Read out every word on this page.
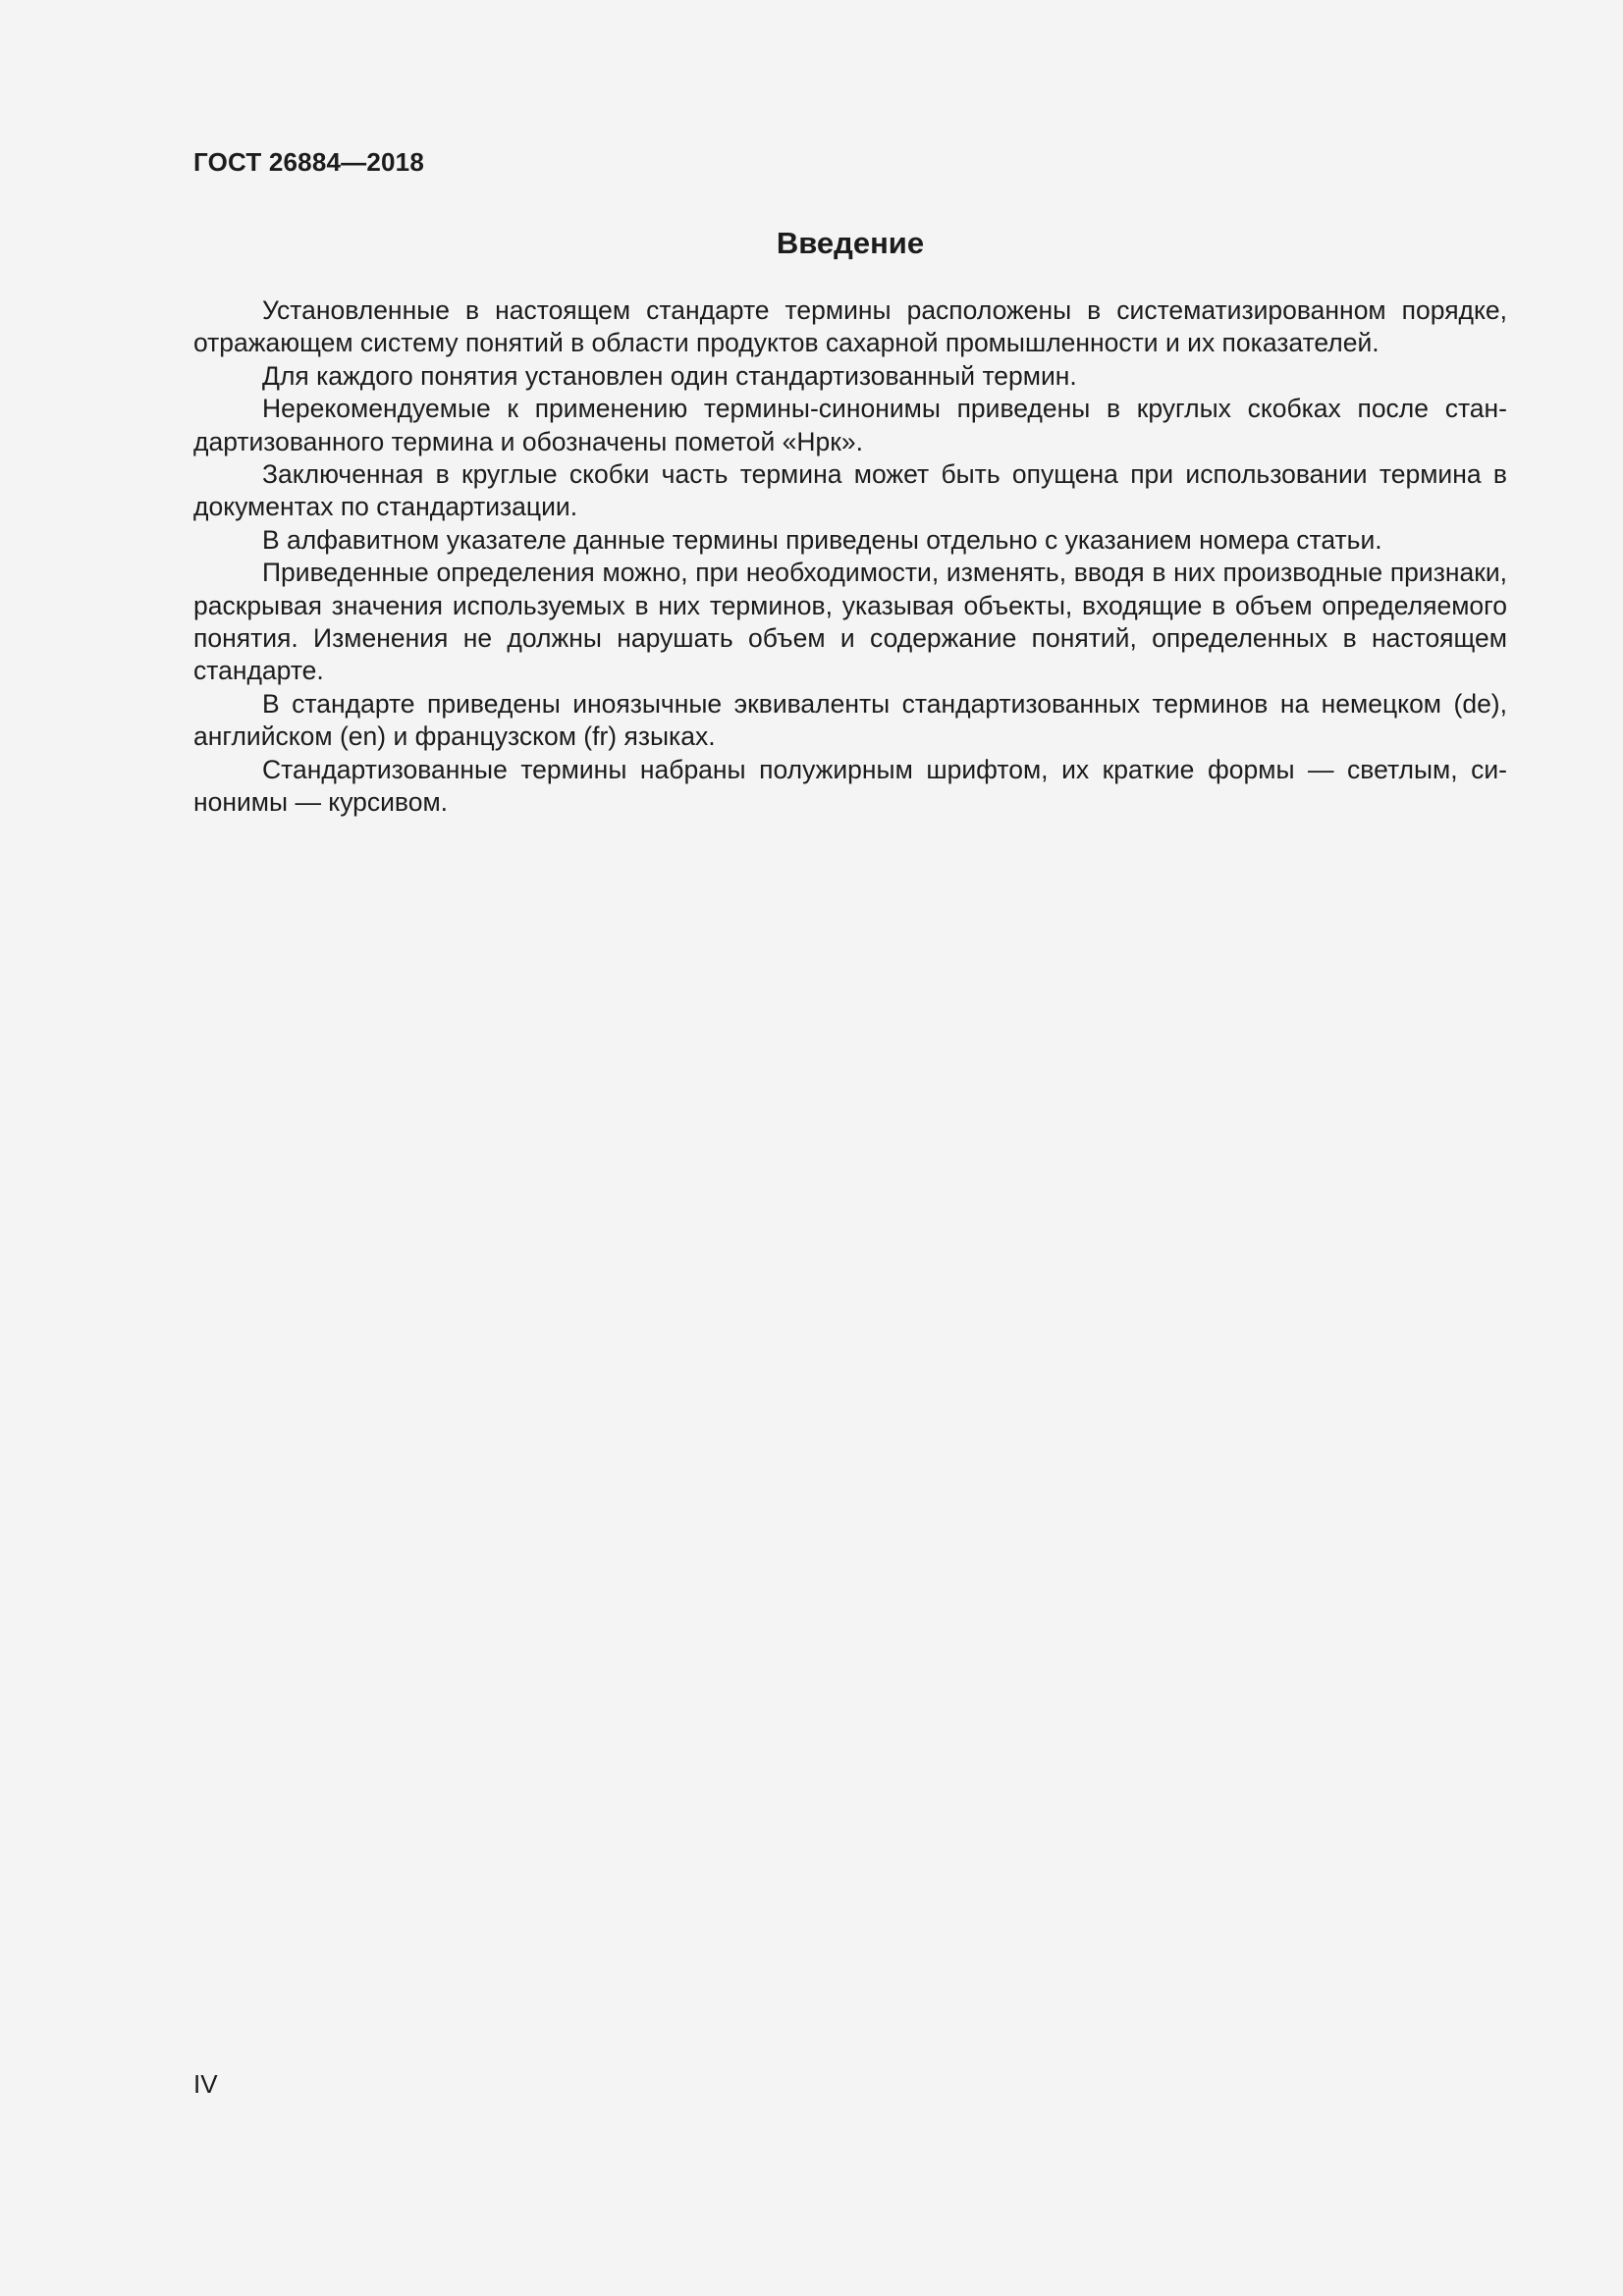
ГОСТ 26884—2018
Введение

Установленные в настоящем стандарте термины расположены в систематизированном порядке, отражающем систему понятий в области продуктов сахарной промышленности и их показателей.

Для каждого понятия установлен один стандартизованный термин.

Нерекомендуемые к применению термины-синонимы приведены в круглых скобках после стандартизованного термина и обозначены пометой «Нрк».

Заключенная в круглые скобки часть термина может быть опущена при использовании термина в документах по стандартизации.

В алфавитном указателе данные термины приведены отдельно с указанием номера статьи.

Приведенные определения можно, при необходимости, изменять, вводя в них производные признаки, раскрывая значения используемых в них терминов, указывая объекты, входящие в объем определяемого понятия. Изменения не должны нарушать объем и содержание понятий, определенных в настоящем стандарте.

В стандарте приведены иноязычные эквиваленты стандартизованных терминов на немецком (de), английском (en) и французском (fr) языках.

Стандартизованные термины набраны полужирным шрифтом, их краткие формы — светлым, синонимы — курсивом.

IV
